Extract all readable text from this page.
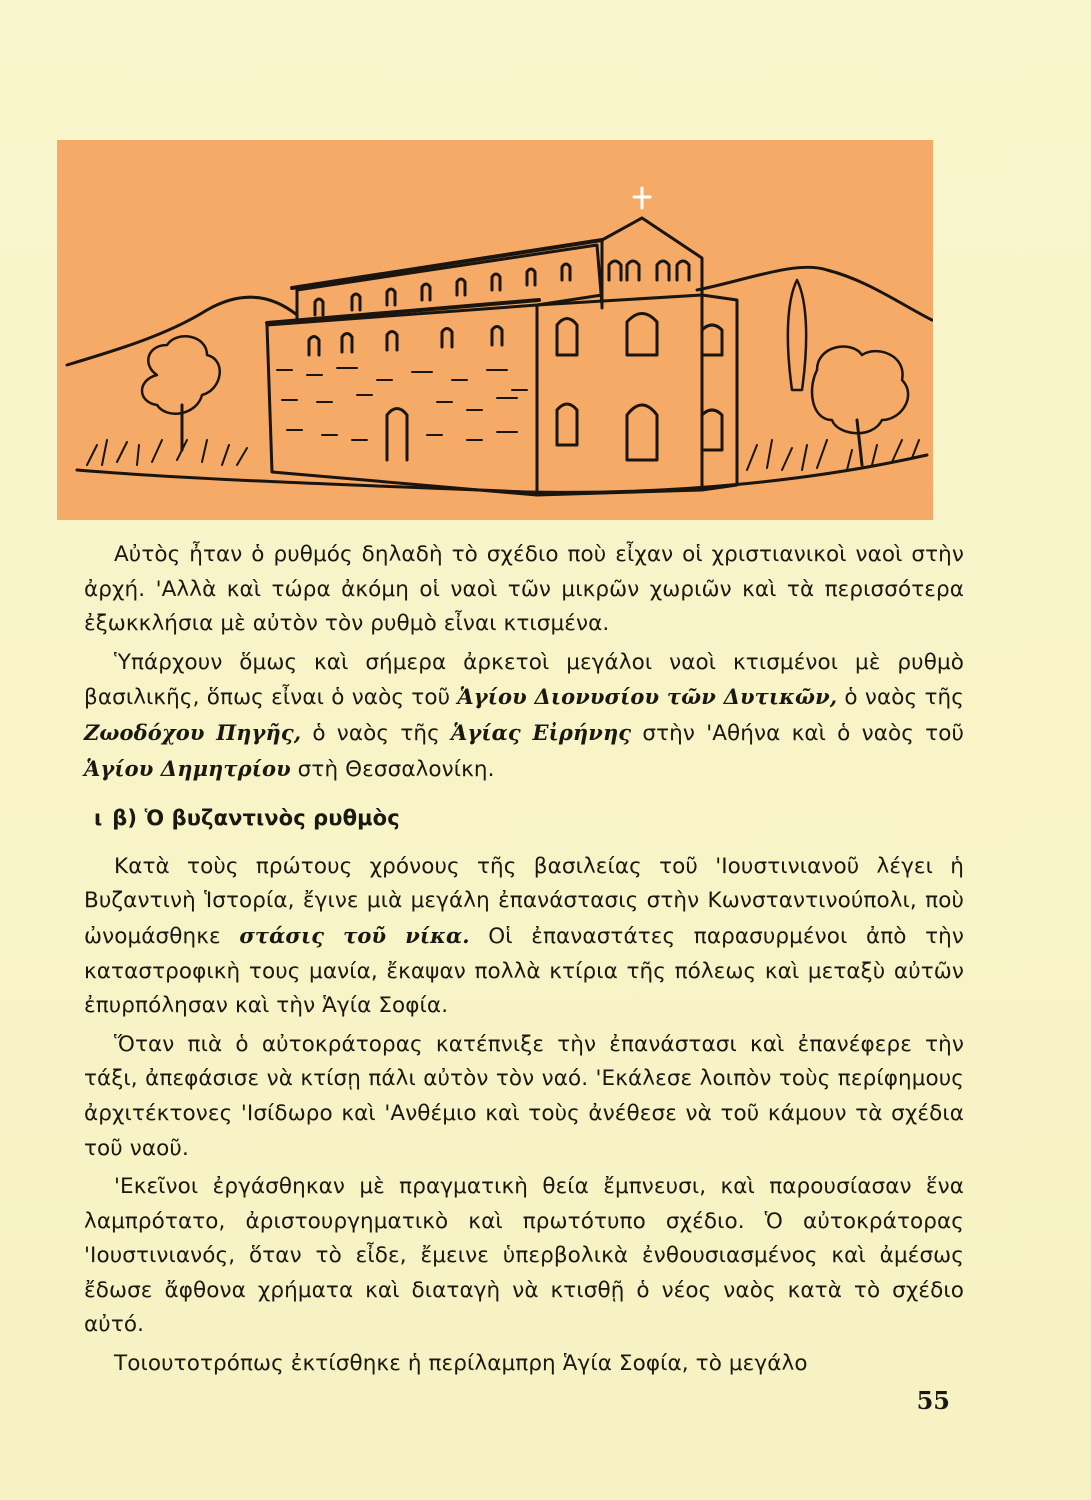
Αὐτὸς ἦταν ὁ ρυθμός δηλαδὴ τὸ σχέδιο ποὺ εἶχαν οἱ χριστιανικοὶ ναοὶ στὴν ἀρχή. 'Αλλὰ καὶ τώρα ἀκόμη οἱ ναοὶ τῶν μικρῶν χωριῶν καὶ τὰ περισσότερα ἐξωκκλήσια μὲ αὐτὸν τὸν ρυθμὸ εἶναι κτισμένα.

Ὑπάρχουν ὅμως καὶ σήμερα ἀρκετοὶ μεγάλοι ναοὶ κτισμένοι μὲ ρυθμὸ βασιλικῆς, ὅπως εἶναι ὁ ναὸς τοῦ Ἁγίου Διονυσίου τῶν Δυτικῶν, ὁ ναὸς τῆς Ζωοδόχου Πηγῆς, ὁ ναὸς τῆς Ἁγίας Εἰρήνης στὴν 'Αθήνα καὶ ὁ ναὸς τοῦ Ἁγίου Δημητρίου στὴ Θεσσαλονίκη.

ι β) Ὁ βυζαντινὸς ρυθμὸς

Κατὰ τοὺς πρώτους χρόνους τῆς βασιλείας τοῦ 'Ιουστινιανοῦ λέγει ἡ Βυζαντινὴ Ἱστορία, ἔγινε μιὰ μεγάλη ἐπανάστασις στὴν Κωνσταντινούπολι, ποὺ ὠνομάσθηκε στάσις τοῦ νίκα. Οἱ ἐπαναστάτες παρασυρμένοι ἀπὸ τὴν καταστροφικὴ τους μανία, ἔκαψαν πολλὰ κτίρια τῆς πόλεως καὶ μεταξὺ αὐτῶν ἐπυρπόλησαν καὶ τὴν Ἁγία Σοφία.

Ὅταν πιὰ ὁ αὐτοκράτορας κατέπνιξε τὴν ἐπανάστασι καὶ ἐπανέφερε τὴν τάξι, ἀπεφάσισε νὰ κτίσῃ πάλι αὐτὸν τὸν ναό. 'Εκάλεσε λοιπὸν τοὺς περίφημους ἀρχιτέκτονες 'Ισίδωρο καὶ 'Ανθέμιο καὶ τοὺς ἀνέθεσε νὰ τοῦ κάμουν τὰ σχέδια τοῦ ναοῦ.

'Εκεῖνοι ἐργάσθηκαν μὲ πραγματικὴ θεία ἔμπνευσι, καὶ παρουσίασαν ἕνα λαμπρότατο, ἀριστουργηματικὸ καὶ πρωτότυπο σχέδιο. Ὁ αὐτοκράτορας 'Ιουστινιανός, ὅταν τὸ εἶδε, ἔμεινε ὑπερβολικὰ ἐνθουσιασμένος καὶ ἀμέσως ἔδωσε ἄφθονα χρήματα καὶ διαταγὴ νὰ κτισθῇ ὁ νέος ναὸς κατὰ τὸ σχέδιο αὐτό.

Τοιουτοτρόπως ἐκτίσθηκε ἡ περίλαμπρη Ἁγία Σοφία, τὸ μεγάλο

55
